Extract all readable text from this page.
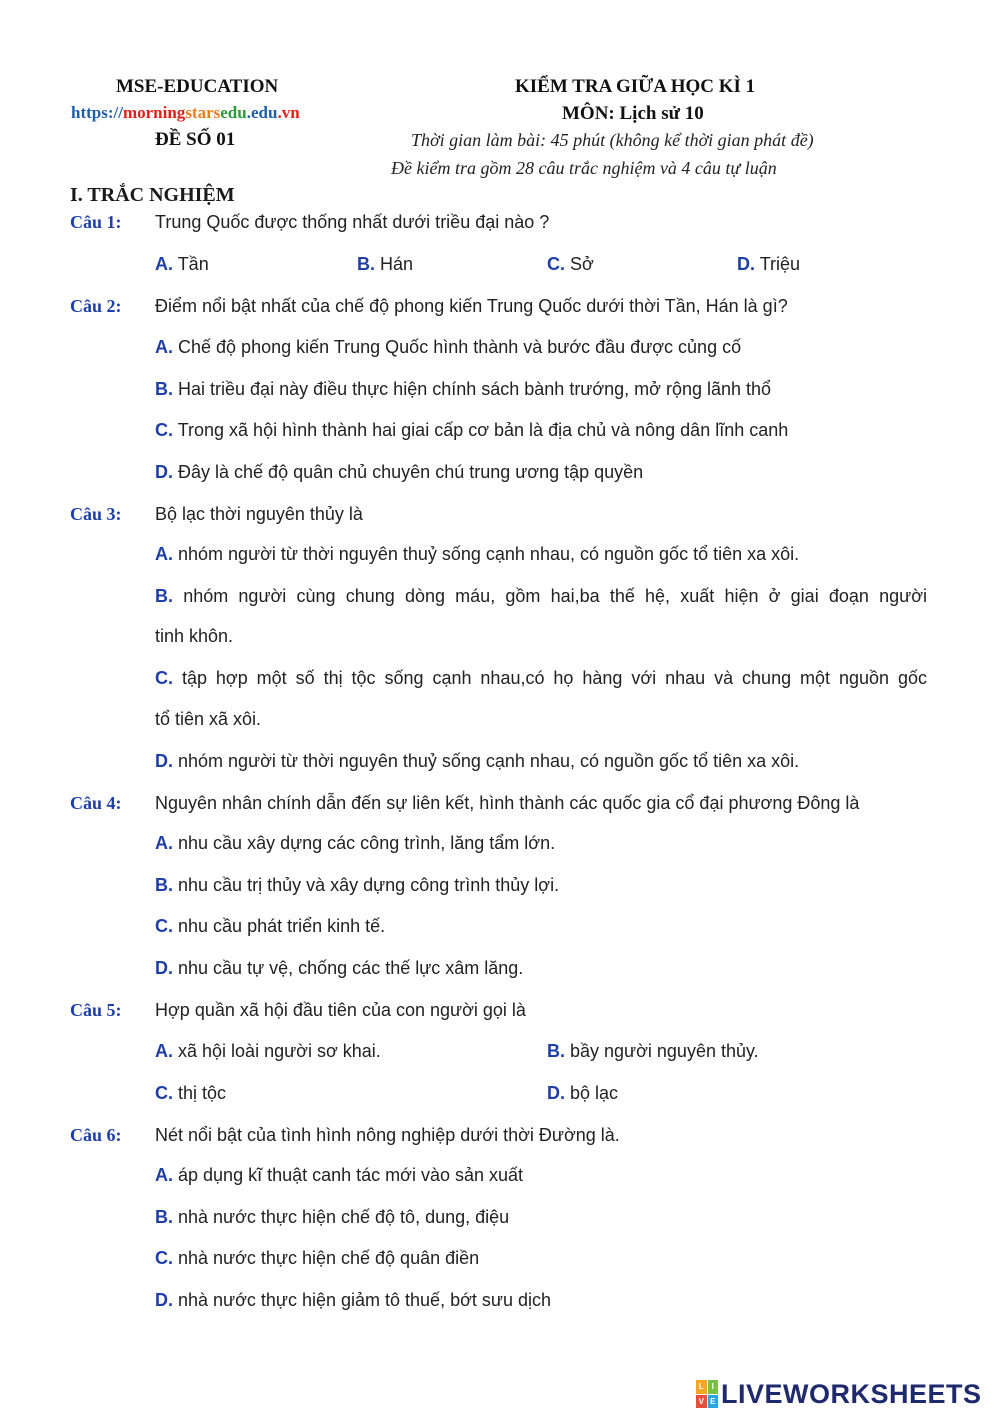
MSE-EDUCATION
https://morningstarsedu.edu.vn
ĐỀ SỐ 01
KIỂM TRA GIỮA HỌC KÌ 1
MÔN: Lịch sử 10
Thời gian làm bài: 45 phút (không kể thời gian phát đề)
Đề kiểm tra gồm 28 câu trắc nghiệm và 4 câu tự luận
I. TRẮC NGHIỆM
Câu 1: Trung Quốc được thống nhất dưới triều đại nào ?
A. Tần	B. Hán	C. Sở	D. Triệu
Câu 2: Điểm nổi bật nhất của chế độ phong kiến Trung Quốc dưới thời Tần, Hán là gì?
A. Chế độ phong kiến Trung Quốc hình thành và bước đầu được củng cố
B. Hai triều đại này điều thực hiện chính sách bành trướng, mở rộng lãnh thổ
C. Trong xã hội hình thành hai giai cấp cơ bản là địa chủ và nông dân lĩnh canh
D. Đây là chế độ quân chủ chuyên chú trung ương tập quyền
Câu 3: Bộ lạc thời nguyên thủy là
A. nhóm người từ thời nguyên thuỷ sống cạnh nhau, có nguồn gốc tổ tiên xa xôi.
B. nhóm người cùng chung dòng máu, gồm hai,ba thế hệ, xuất hiện ở giai đoạn người
tinh khôn.
C. tập hợp một số thị tộc sống cạnh nhau,có họ hàng với nhau và chung một nguồn gốc
tổ tiên xã xôi.
D. nhóm người từ thời nguyên thuỷ sống cạnh nhau, có nguồn gốc tổ tiên xa xôi.
Câu 4: Nguyên nhân chính dẫn đến sự liên kết, hình thành các quốc gia cổ đại phương Đông là
A. nhu cầu xây dựng các công trình, lăng tẩm lớn.
B. nhu cầu trị thủy và xây dựng công trình thủy lợi.
C. nhu cầu phát triển kinh tế.
D. nhu cầu tự vệ, chống các thế lực xâm lăng.
Câu 5: Hợp quần xã hội đầu tiên của con người gọi là
A. xã hội loài người sơ khai.	B. bầy người nguyên thủy.
C. thị tộc	D. bộ lạc
Câu 6: Nét nổi bật của tình hình nông nghiệp dưới thời Đường là.
A. áp dụng kĩ thuật canh tác mới vào sản xuất
B. nhà nước thực hiện chế độ tô, dung, điệu
C. nhà nước thực hiện chế độ quân điền
D. nhà nước thực hiện giảm tô thuế, bớt sưu dịch
L I
V E LIVEWORKSHEETS
